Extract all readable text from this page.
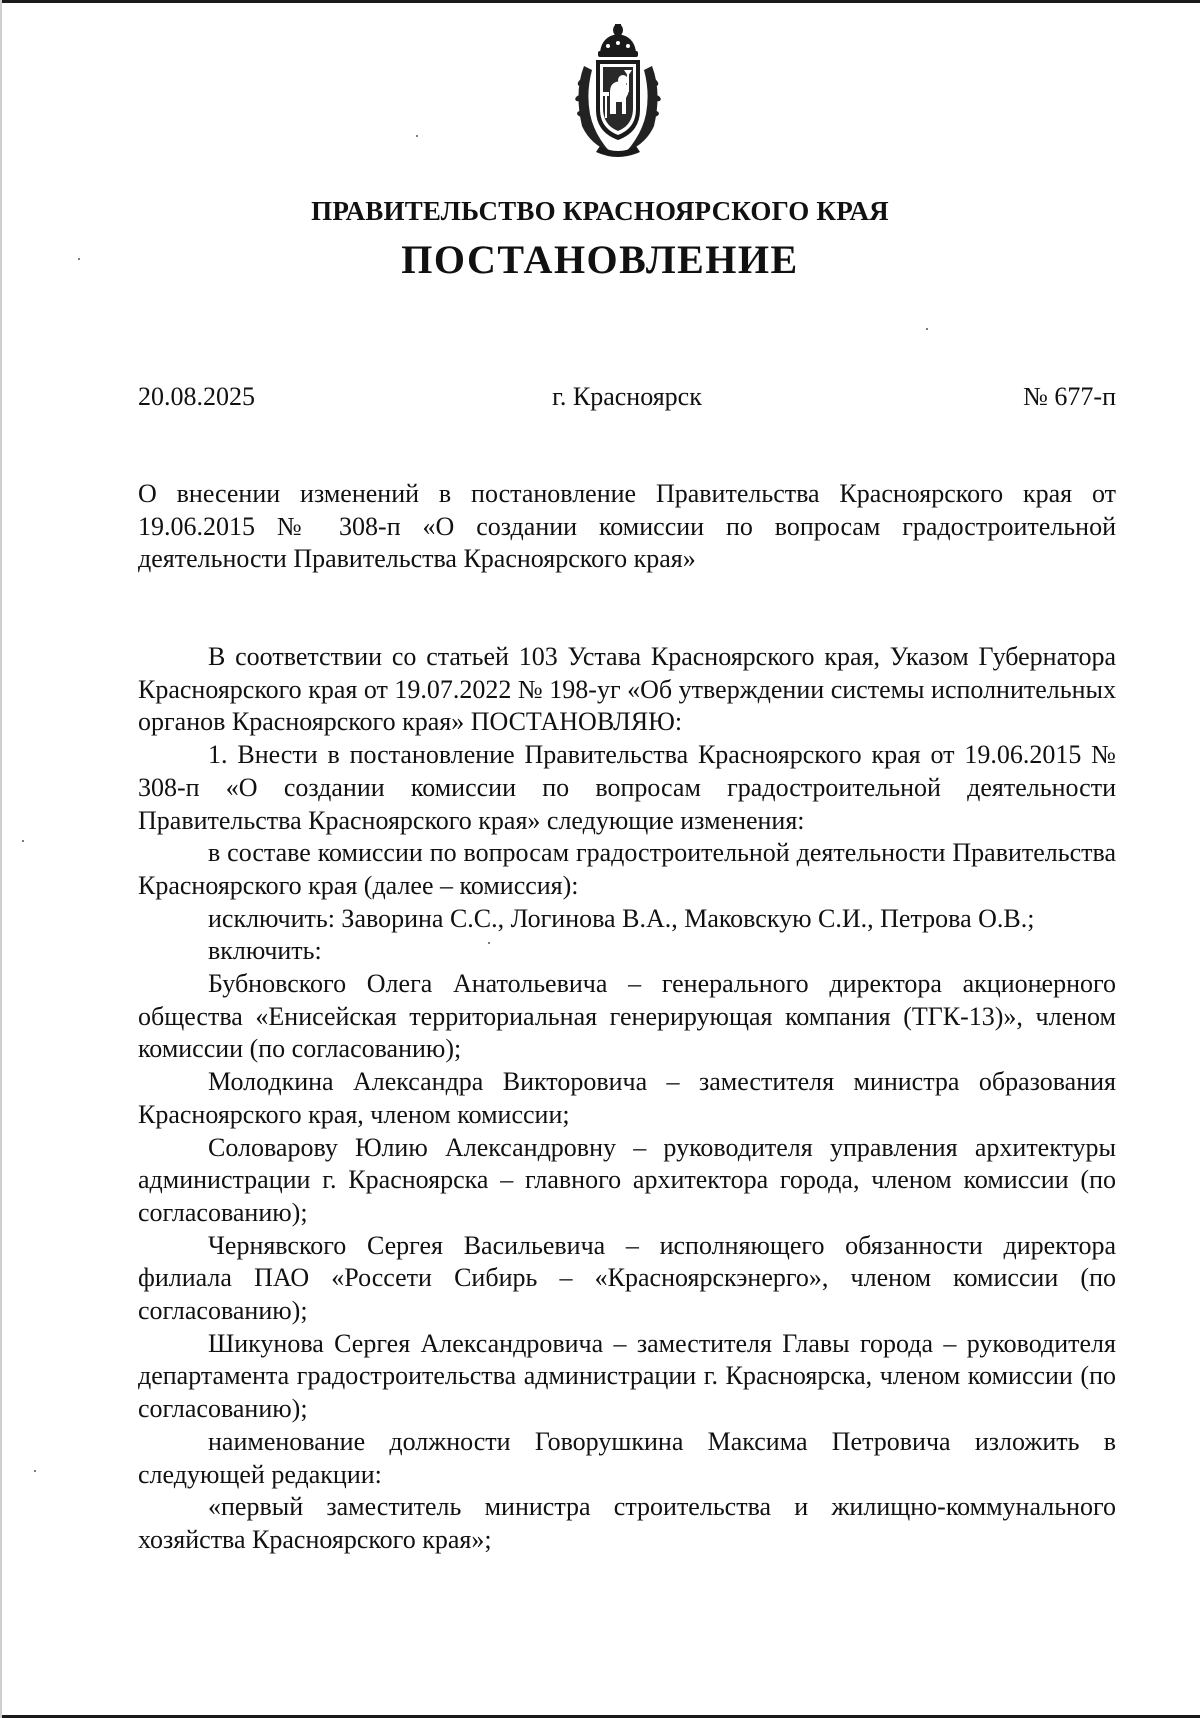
ПРАВИТЕЛЬСТВО КРАСНОЯРСКОГО КРАЯ
ПОСТАНОВЛЕНИЕ
20.08.2025	г. Красноярск	№ 677-п
О внесении изменений в постановление Правительства Красноярского края от 19.06.2015 № 308-п «О создании комиссии по вопросам градостроительной деятельности Правительства Красноярского края»

В соответствии со статьей 103 Устава Красноярского края, Указом Губернатора Красноярского края от 19.07.2022 № 198-уг «Об утверждении системы исполнительных органов Красноярского края» ПОСТАНОВЛЯЮ:

1. Внести в постановление Правительства Красноярского края от 19.06.2015 № 308-п «О создании комиссии по вопросам градостроительной деятельности Правительства Красноярского края» следующие изменения:

в составе комиссии по вопросам градостроительной деятельности Правительства Красноярского края (далее – комиссия):

исключить: Заворина С.С., Логинова В.А., Маковскую С.И., Петрова О.В.;

включить:

Бубновского Олега Анатольевича – генерального директора акционерного общества «Енисейская территориальная генерирующая компания (ТГК-13)», членом комиссии (по согласованию);

Молодкина Александра Викторовича – заместителя министра образования Красноярского края, членом комиссии;

Соловарову Юлию Александровну – руководителя управления архитектуры администрации г. Красноярска – главного архитектора города, членом комиссии (по согласованию);

Чернявского Сергея Васильевича – исполняющего обязанности директора филиала ПАО «Россети Сибирь – «Красноярскэнерго», членом комиссии (по согласованию);

Шикунова Сергея Александровича – заместителя Главы города – руководителя департамента градостроительства администрации г. Красноярска, членом комиссии (по согласованию);

наименование должности Говорушкина Максима Петровича изложить в следующей редакции:

«первый заместитель министра строительства и жилищно-коммунального хозяйства Красноярского края»;
